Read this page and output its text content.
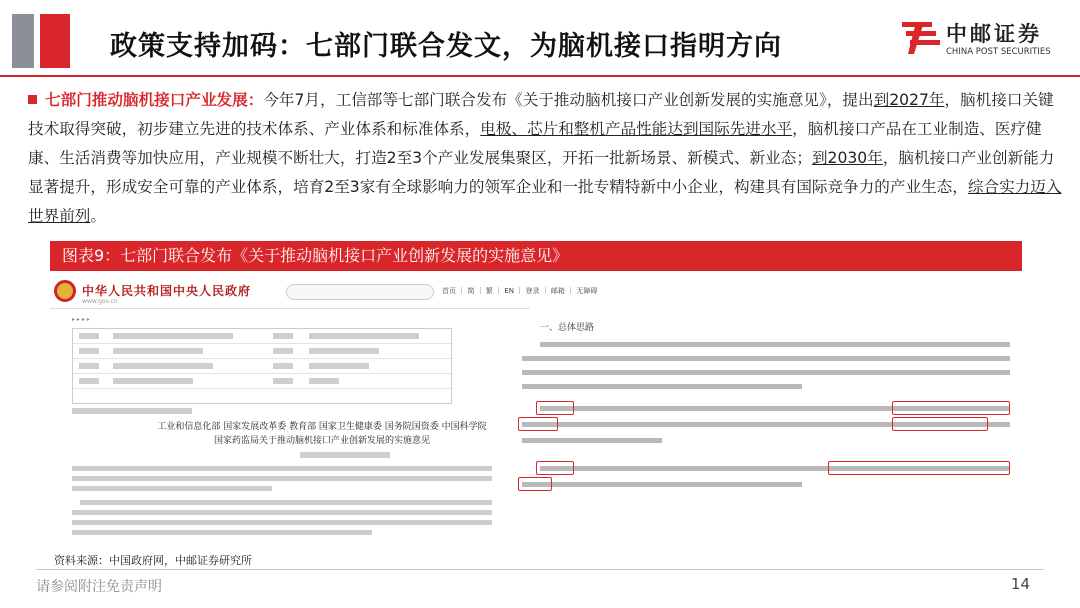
政策支持加码：七部门联合发文，为脑机接口指明方向	中邮证券
CHINA POST SECURITIES
七部门推动脑机接口产业发展：今年7月，工信部等七部门联合发布《关于推动脑机接口产业创新发展的实施意见》，提出到2027年，脑机接口关键技术取得突破，初步建立先进的技术体系、产业体系和标准体系，电极、芯片和整机产品性能达到国际先进水平，脑机接口产品在工业制造、医疗健康、生活消费等加快应用，产业规模不断壮大，打造2至3个产业发展集聚区，开拓一批新场景、新模式、新业态；到2030年，脑机接口产业创新能力显著提升，形成安全可靠的产业体系，培育2至3家有全球影响力的领军企业和一批专精特新中小企业，构建具有国际竞争力的产业生态，综合实力迈入世界前列。
图表9：七部门联合发布《关于推动脑机接口产业创新发展的实施意见》
中华人民共和国中央人民政府
www.gov.cn
首页 ｜ 简 ｜ 繁 ｜ EN ｜ 登录 ｜ 邮箱 ｜ 无障碍
▸ ▸ ▸ ▸
工业和信息化部 国家发展改革委 教育部 国家卫生健康委 国务院国资委 中国科学院
国家药监局关于推动脑机接口产业创新发展的实施意见
一、总体思路
资料来源：中国政府网，中邮证券研究所
请参阅附注免责声明	14
